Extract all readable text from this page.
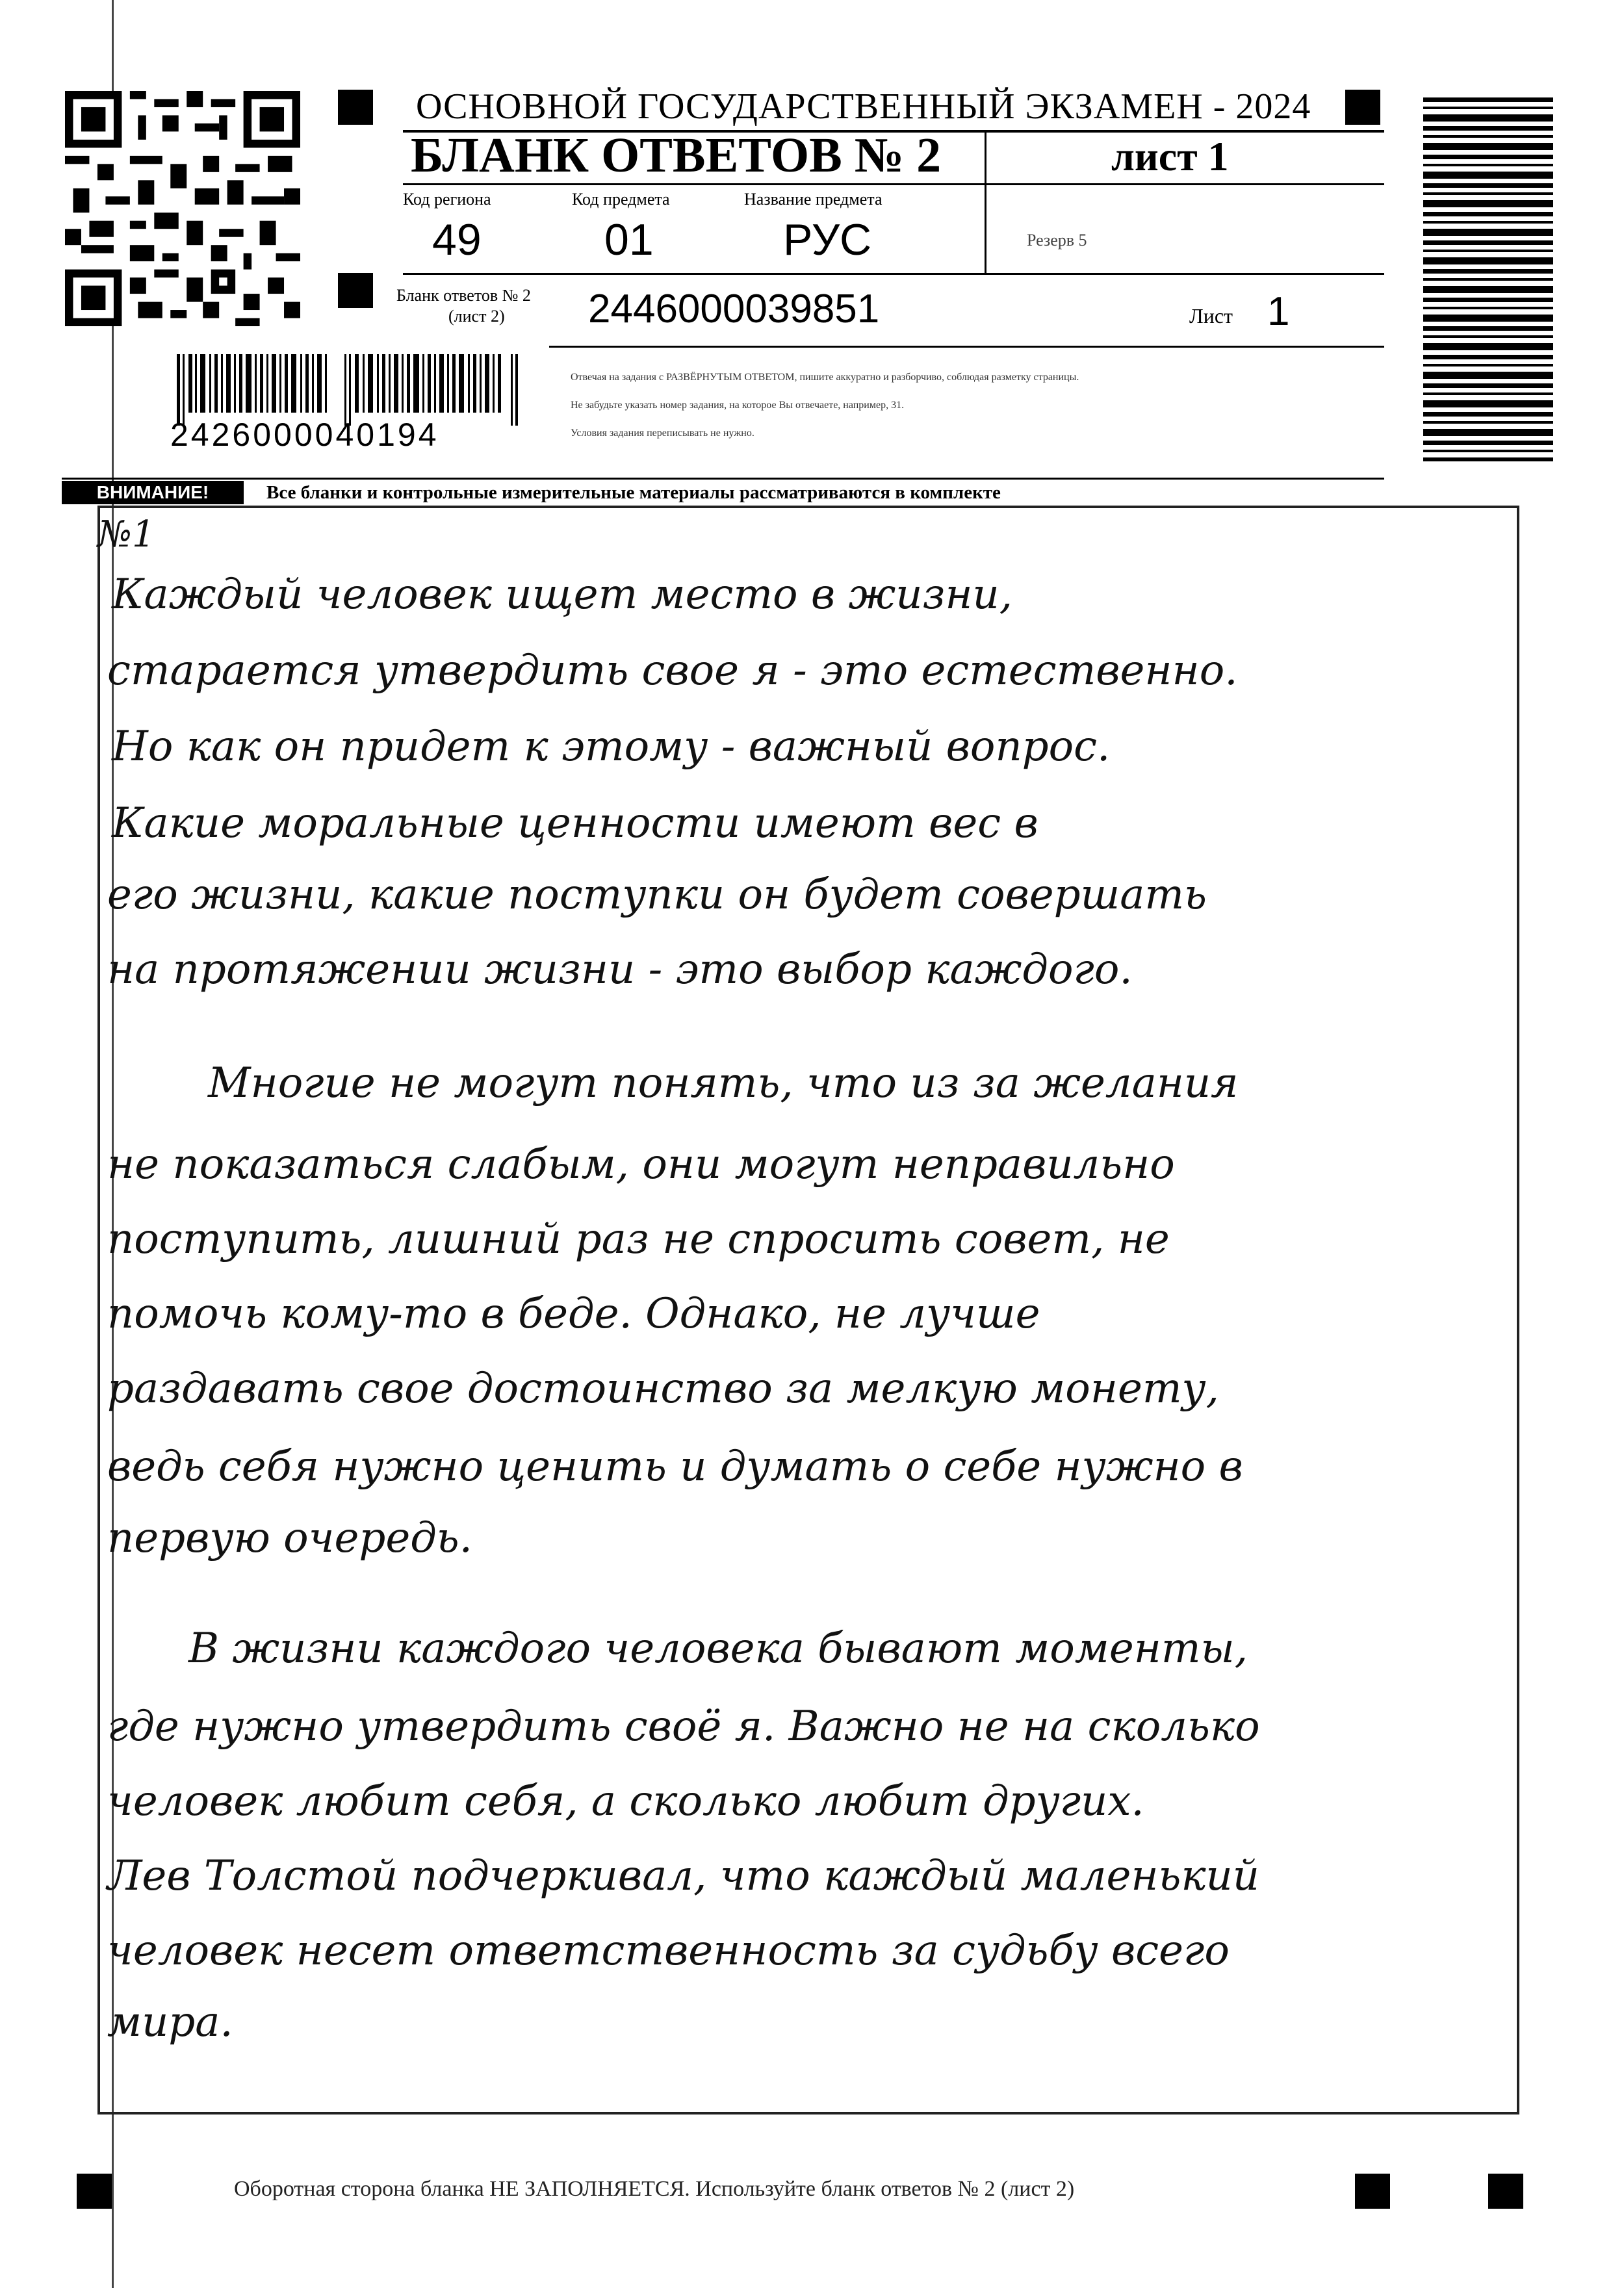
ОСНОВНОЙ ГОСУДАРСТВЕННЫЙ ЭКЗАМЕН - 2024
БЛАНК ОТВЕТОВ № 2	лист 1
Код региона
49
Код предмета
01
Название предмета
РУС	Резерв 5
Бланк ответов № 2
(лист 2) 2446000039851	Лист 1
2426000040194
Отвечая на задания с РАЗВЁРНУТЫМ ОТВЕТОМ, пишите аккуратно и разборчиво, соблюдая разметку страницы.
Не забудьте указать номер задания, на которое Вы отвечаете, например, 31.
Условия задания переписывать не нужно.
ВНИМАНИЕ!	Все бланки и контрольные измерительные материалы рассматриваются в комплекте
№1
Каждый человек ищет место в жизни,
старается утвердить свое я - это естественно.
Но как он придет к этому - важный вопрос.
Какие моральные ценности имеют вес в
его жизни, какие поступки он будет совершать
на протяжении жизни - это выбор каждого.
Многие не могут понять, что из за желания
не показаться слабым, они могут неправильно
поступить, лишний раз не спросить совет, не
помочь кому-то в беде. Однако, не лучше
раздавать свое достоинство за мелкую монету,
ведь себя нужно ценить и думать о себе нужно в
первую очередь.
В жизни каждого человека бывают моменты,
где нужно утвердить своё я. Важно не на сколько
человек любит себя, а сколько любит других.
Лев Толстой подчеркивал, что каждый маленький
человек несет ответственность за судьбу всего
мира.
Оборотная сторона бланка НЕ ЗАПОЛНЯЕТСЯ. Используйте бланк ответов № 2 (лист 2)
